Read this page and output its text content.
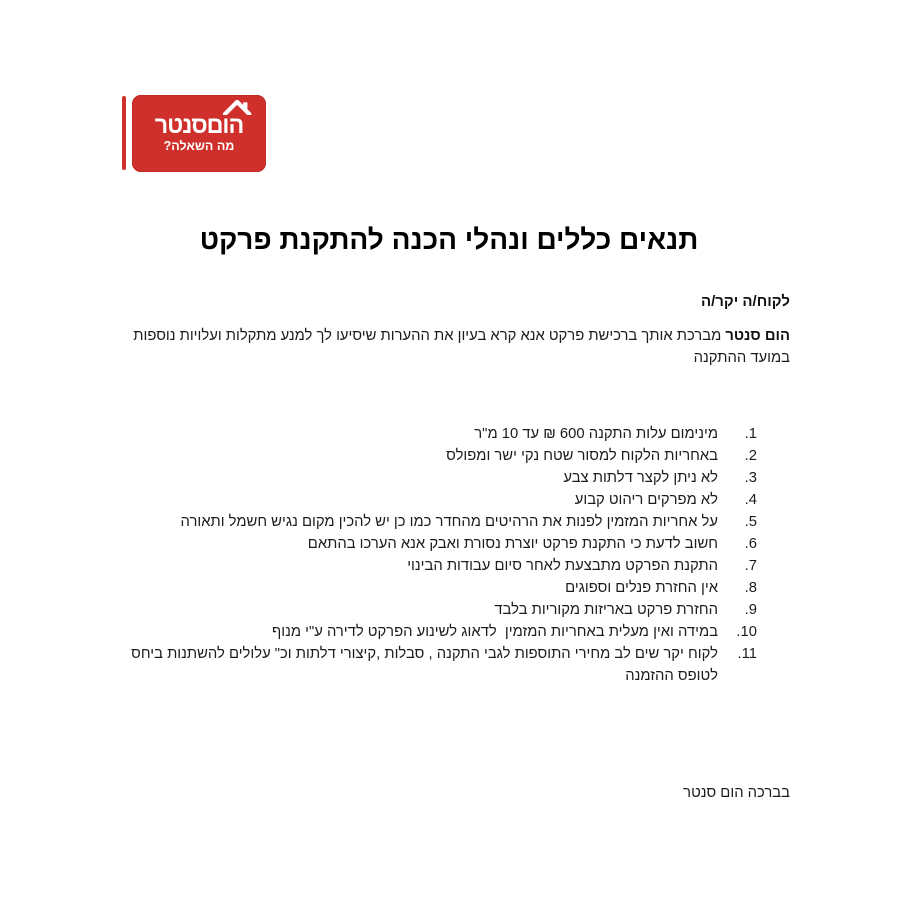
הוםסנטר
מה השאלה?
תנאים כללים ונהלי הכנה להתקנת פרקט
לקוח/ה יקר/ה
הום סנטר מברכת אותך ברכישת פרקט אנא קרא בעיון את ההערות שיסיעו לך למנע מתקלות ועלויות נוספות במועד ההתקנה
1.
מינימום עלות התקנה 600 ₪ עד 10 מ"ר
2.
באחריות הלקוח למסור שטח נקי ישר ומפולס
3.
לא ניתן לקצר דלתות צבע
4.
לא מפרקים ריהוט קבוע
5.
על אחריות המזמין לפנות את הרהיטים מהחדר כמו כן יש להכין מקום נגיש חשמל ותאורה
6.
חשוב לדעת כי התקנת פרקט יוצרת נסורת ואבק אנא הערכו בהתאם
7.
התקנת הפרקט מתבצעת לאחר סיום עבודות הבינוי
8.
אין החזרת פנלים וספוגים
9.
החזרת פרקט באריזות מקוריות בלבד
10.
במידה ואין מעלית באחריות המזמין  לדאוג לשינוע הפרקט לדירה ע"י מנוף
11.
לקוח יקר שים לב מחירי התוספות לגבי התקנה , סבלות ,קיצורי דלתות וכ" עלולים להשתנות ביחס לטופס ההזמנה
בברכה הום סנטר
